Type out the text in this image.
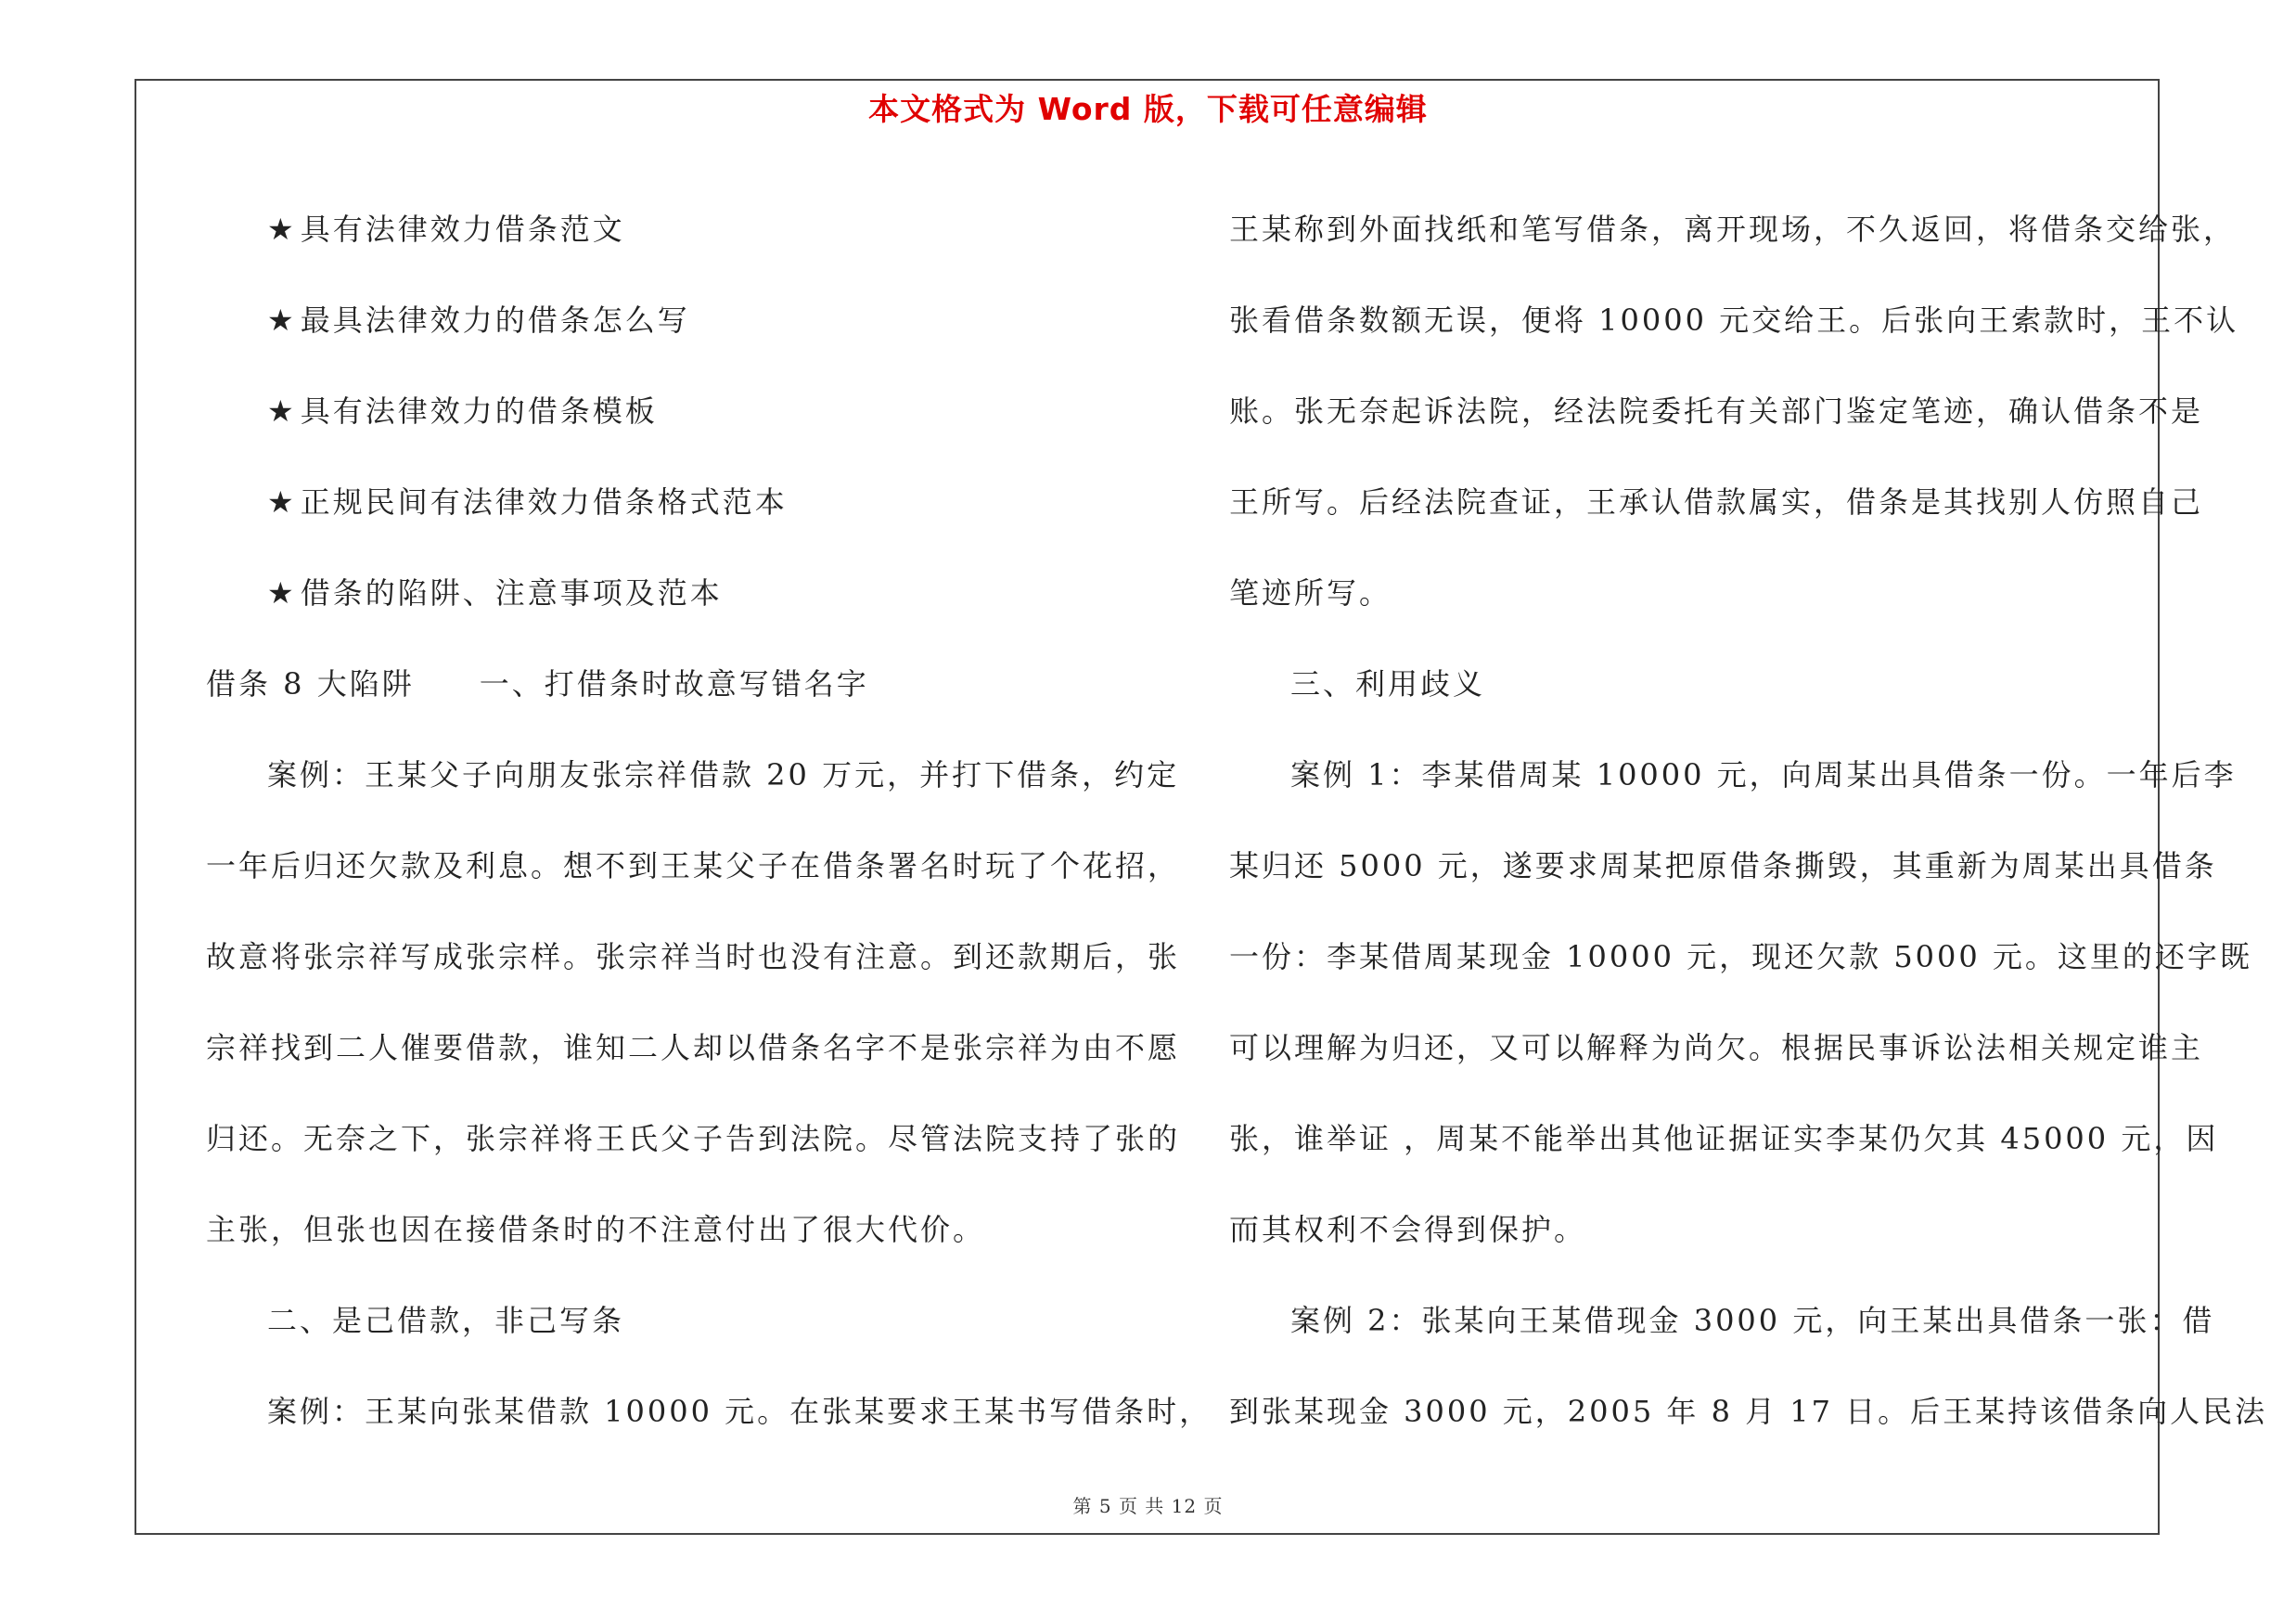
本文格式为 Word 版，下载可任意编辑
★ 具有法律效力借条范文
★ 最具法律效力的借条怎么写
★ 具有法律效力的借条模板
★ 正规民间有法律效力借条格式范本
★ 借条的陷阱、注意事项及范本
借条 8 大陷阱　　一、打借条时故意写错名字
案例：王某父子向朋友张宗祥借款 20 万元，并打下借条，约定
一年后归还欠款及利息。想不到王某父子在借条署名时玩了个花招，
故意将张宗祥写成张宗样。张宗祥当时也没有注意。到还款期后，张
宗祥找到二人催要借款，谁知二人却以借条名字不是张宗祥为由不愿
归还。无奈之下，张宗祥将王氏父子告到法院。尽管法院支持了张的
主张，但张也因在接借条时的不注意付出了很大代价。
二、是己借款，非己写条
案例：王某向张某借款 10000 元。在张某要求王某书写借条时，
王某称到外面找纸和笔写借条，离开现场，不久返回，将借条交给张，
张看借条数额无误，便将 10000 元交给王。后张向王索款时，王不认
账。张无奈起诉法院，经法院委托有关部门鉴定笔迹，确认借条不是
王所写。后经法院查证，王承认借款属实，借条是其找别人仿照自己
笔迹所写。
三、利用歧义
案例 1：李某借周某 10000 元，向周某出具借条一份。一年后李
某归还 5000 元，遂要求周某把原借条撕毁，其重新为周某出具借条
一份：李某借周某现金 10000 元，现还欠款 5000 元。这里的还字既
可以理解为归还，又可以解释为尚欠。根据民事诉讼法相关规定谁主
张，谁举证 ，周某不能举出其他证据证实李某仍欠其 45000 元，因
而其权利不会得到保护。
案例 2：张某向王某借现金 3000 元，向王某出具借条一张：借
到张某现金 3000 元，2005 年 8 月 17 日。后王某持该借条向人民法
第 5 页 共 12 页
